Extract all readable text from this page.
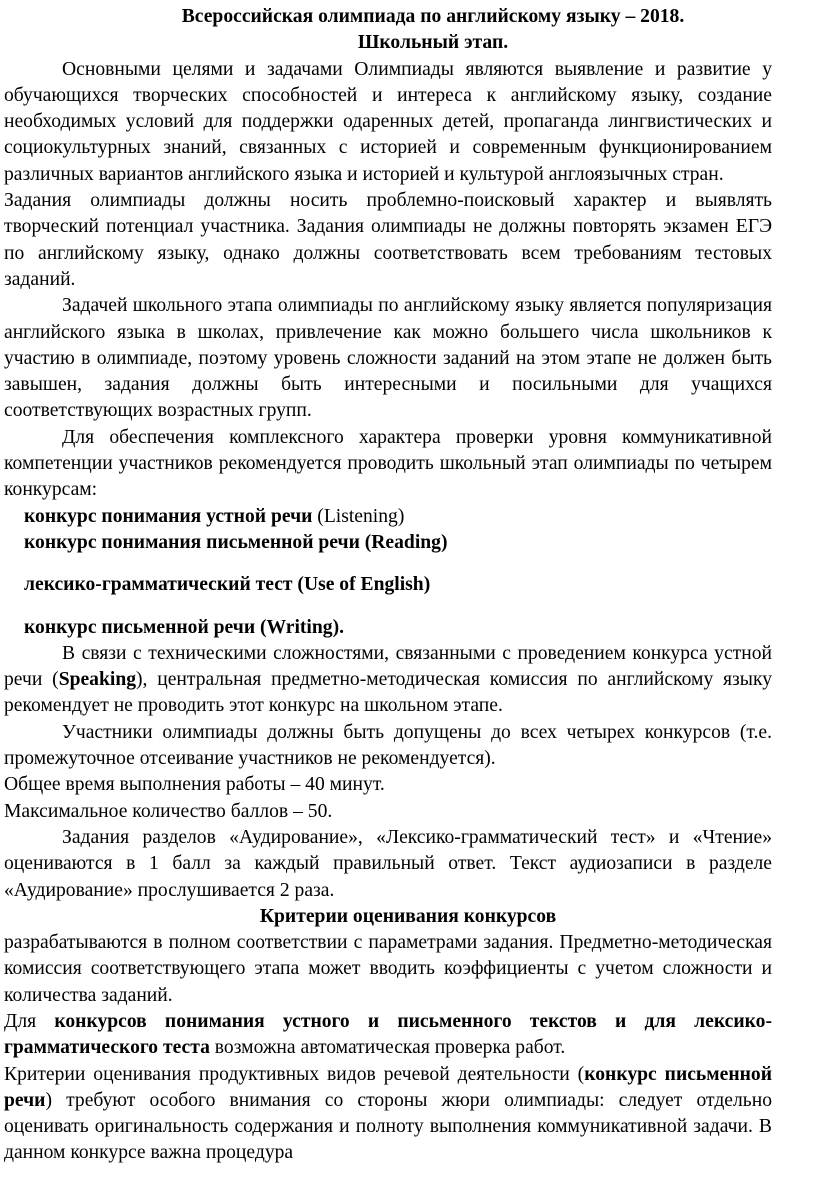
Всероссийская олимпиада по английскому языку – 2018.
Школьный этап.

Основными целями и задачами Олимпиады являются выявление и развитие у обучающихся творческих способностей и интереса к английскому языку, создание необходимых условий для поддержки одаренных детей, пропаганда лингвистических и социокультурных знаний, связанных с историей и современным функционированием различных вариантов английского языка и историей и культурой англоязычных стран.

Задания олимпиады должны носить проблемно-поисковый характер и выявлять творческий потенциал участника. Задания олимпиады не должны повторять экзамен ЕГЭ по английскому языку, однако должны соответствовать всем требованиям тестовых заданий.

Задачей школьного этапа олимпиады по английскому языку является популяризация английского языка в школах, привлечение как можно большего числа школьников к участию в олимпиаде, поэтому уровень сложности заданий на этом этапе не должен быть завышен, задания должны быть интересными и посильными для учащихся соответствующих возрастных групп.

Для обеспечения комплексного характера проверки уровня коммуникативной компетенции участников рекомендуется проводить школьный этап олимпиады по четырем конкурсам:

конкурс понимания устной речи (Listening)
конкурс понимания письменной речи (Reading)
лексико-грамматический тест (Use of English)
конкурс письменной речи (Writing).

В связи с техническими сложностями, связанными с проведением конкурса устной речи (Speaking), центральная предметно-методическая комиссия по английскому языку рекомендует не проводить этот конкурс на школьном этапе.

Участники олимпиады должны быть допущены до всех четырех конкурсов (т.е. промежуточное отсеивание участников не рекомендуется).

Общее время выполнения работы – 40 минут.

Максимальное количество баллов – 50.

Задания разделов «Аудирование», «Лексико-грамматический тест» и «Чтение» оцениваются в 1 балл за каждый правильный ответ. Текст аудиозаписи в разделе «Аудирование» прослушивается 2 раза.

Критерии оценивания конкурсов

разрабатываются в полном соответствии с параметрами задания. Предметно-методическая комиссия соответствующего этапа может вводить коэффициенты с учетом сложности и количества заданий.

Для конкурсов понимания устного и письменного текстов и для лексико-грамматического теста возможна автоматическая проверка работ.

Критерии оценивания продуктивных видов речевой деятельности (конкурс письменной речи) требуют особого внимания со стороны жюри олимпиады: следует отдельно оценивать оригинальность содержания и полноту выполнения коммуникативной задачи. В данном конкурсе важна процедура
